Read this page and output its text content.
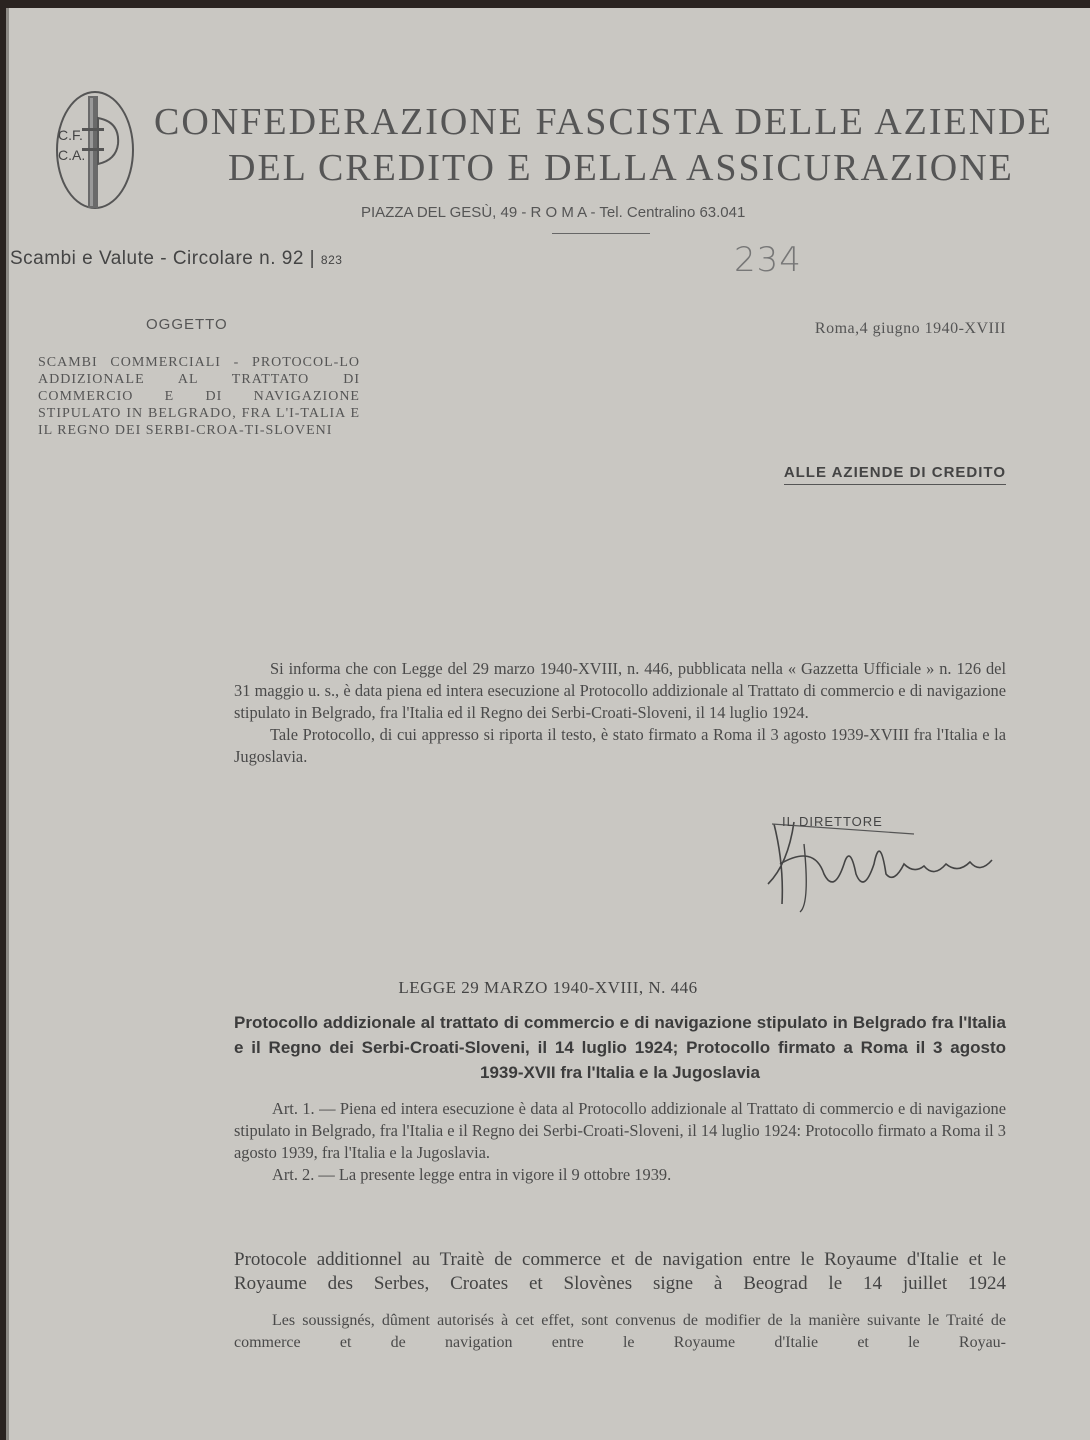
C.F.
C.A.
CONFEDERAZIONE FASCISTA DELLE AZIENDE
DEL CREDITO E DELLA ASSICURAZIONE
PIAZZA DEL GESÙ, 49 - R O M A - Tel. Centralino 63.041
Scambi e Valute - Circolare n. 92 | 823	234
OGGETTO
SCAMBI COMMERCIALI - PROTOCOL-LO ADDIZIONALE AL TRATTATO DI COMMERCIO E DI NAVIGAZIONE STIPULATO IN BELGRADO, FRA L'I-TALIA E IL REGNO DEI SERBI-CROA-TI-SLOVENI
Roma,4 giugno 1940-XVIII
ALLE AZIENDE DI CREDITO

Si informa che con Legge del 29 marzo 1940-XVIII, n. 446, pubblicata nella « Gazzetta Ufficiale » n. 126 del 31 maggio u. s., è data piena ed intera esecuzione al Protocollo addizionale al Trattato di commercio e di navigazione stipulato in Belgrado, fra l'Italia ed il Regno dei Serbi-Croati-Sloveni, il 14 luglio 1924.

Tale Protocollo, di cui appresso si riporta il testo, è stato firmato a Roma il 3 agosto 1939-XVIII fra l'Italia e la Jugoslavia.

IL DIRETTORE
LEGGE 29 MARZO 1940-XVIII, N. 446
Protocollo addizionale al trattato di commercio e di navigazione stipulato in Belgrado fra l'Italia e il Regno dei Serbi-Croati-Sloveni, il 14 luglio 1924; Protocollo firmato a Roma il 3 agosto 1939-XVII fra l'Italia e la Jugoslavia

Art. 1. — Piena ed intera esecuzione è data al Protocollo addizionale al Trattato di commercio e di navigazione stipulato in Belgrado, fra l'Italia e il Regno dei Serbi-Croati-Sloveni, il 14 luglio 1924: Protocollo firmato a Roma il 3 agosto 1939, fra l'Italia e la Jugoslavia.

Art. 2. — La presente legge entra in vigore il 9 ottobre 1939.

Protocole additionnel au Traitè de commerce et de navigation entre le Royaume d'Italie et le Royaume des Serbes, Croates et Slovènes signe à Beograd le 14 juillet 1924

Les soussignés, dûment autorisés à cet effet, sont convenus de modifier de la manière suivante le Traité de commerce et de navigation entre le Royaume d'Italie et le Royau-
